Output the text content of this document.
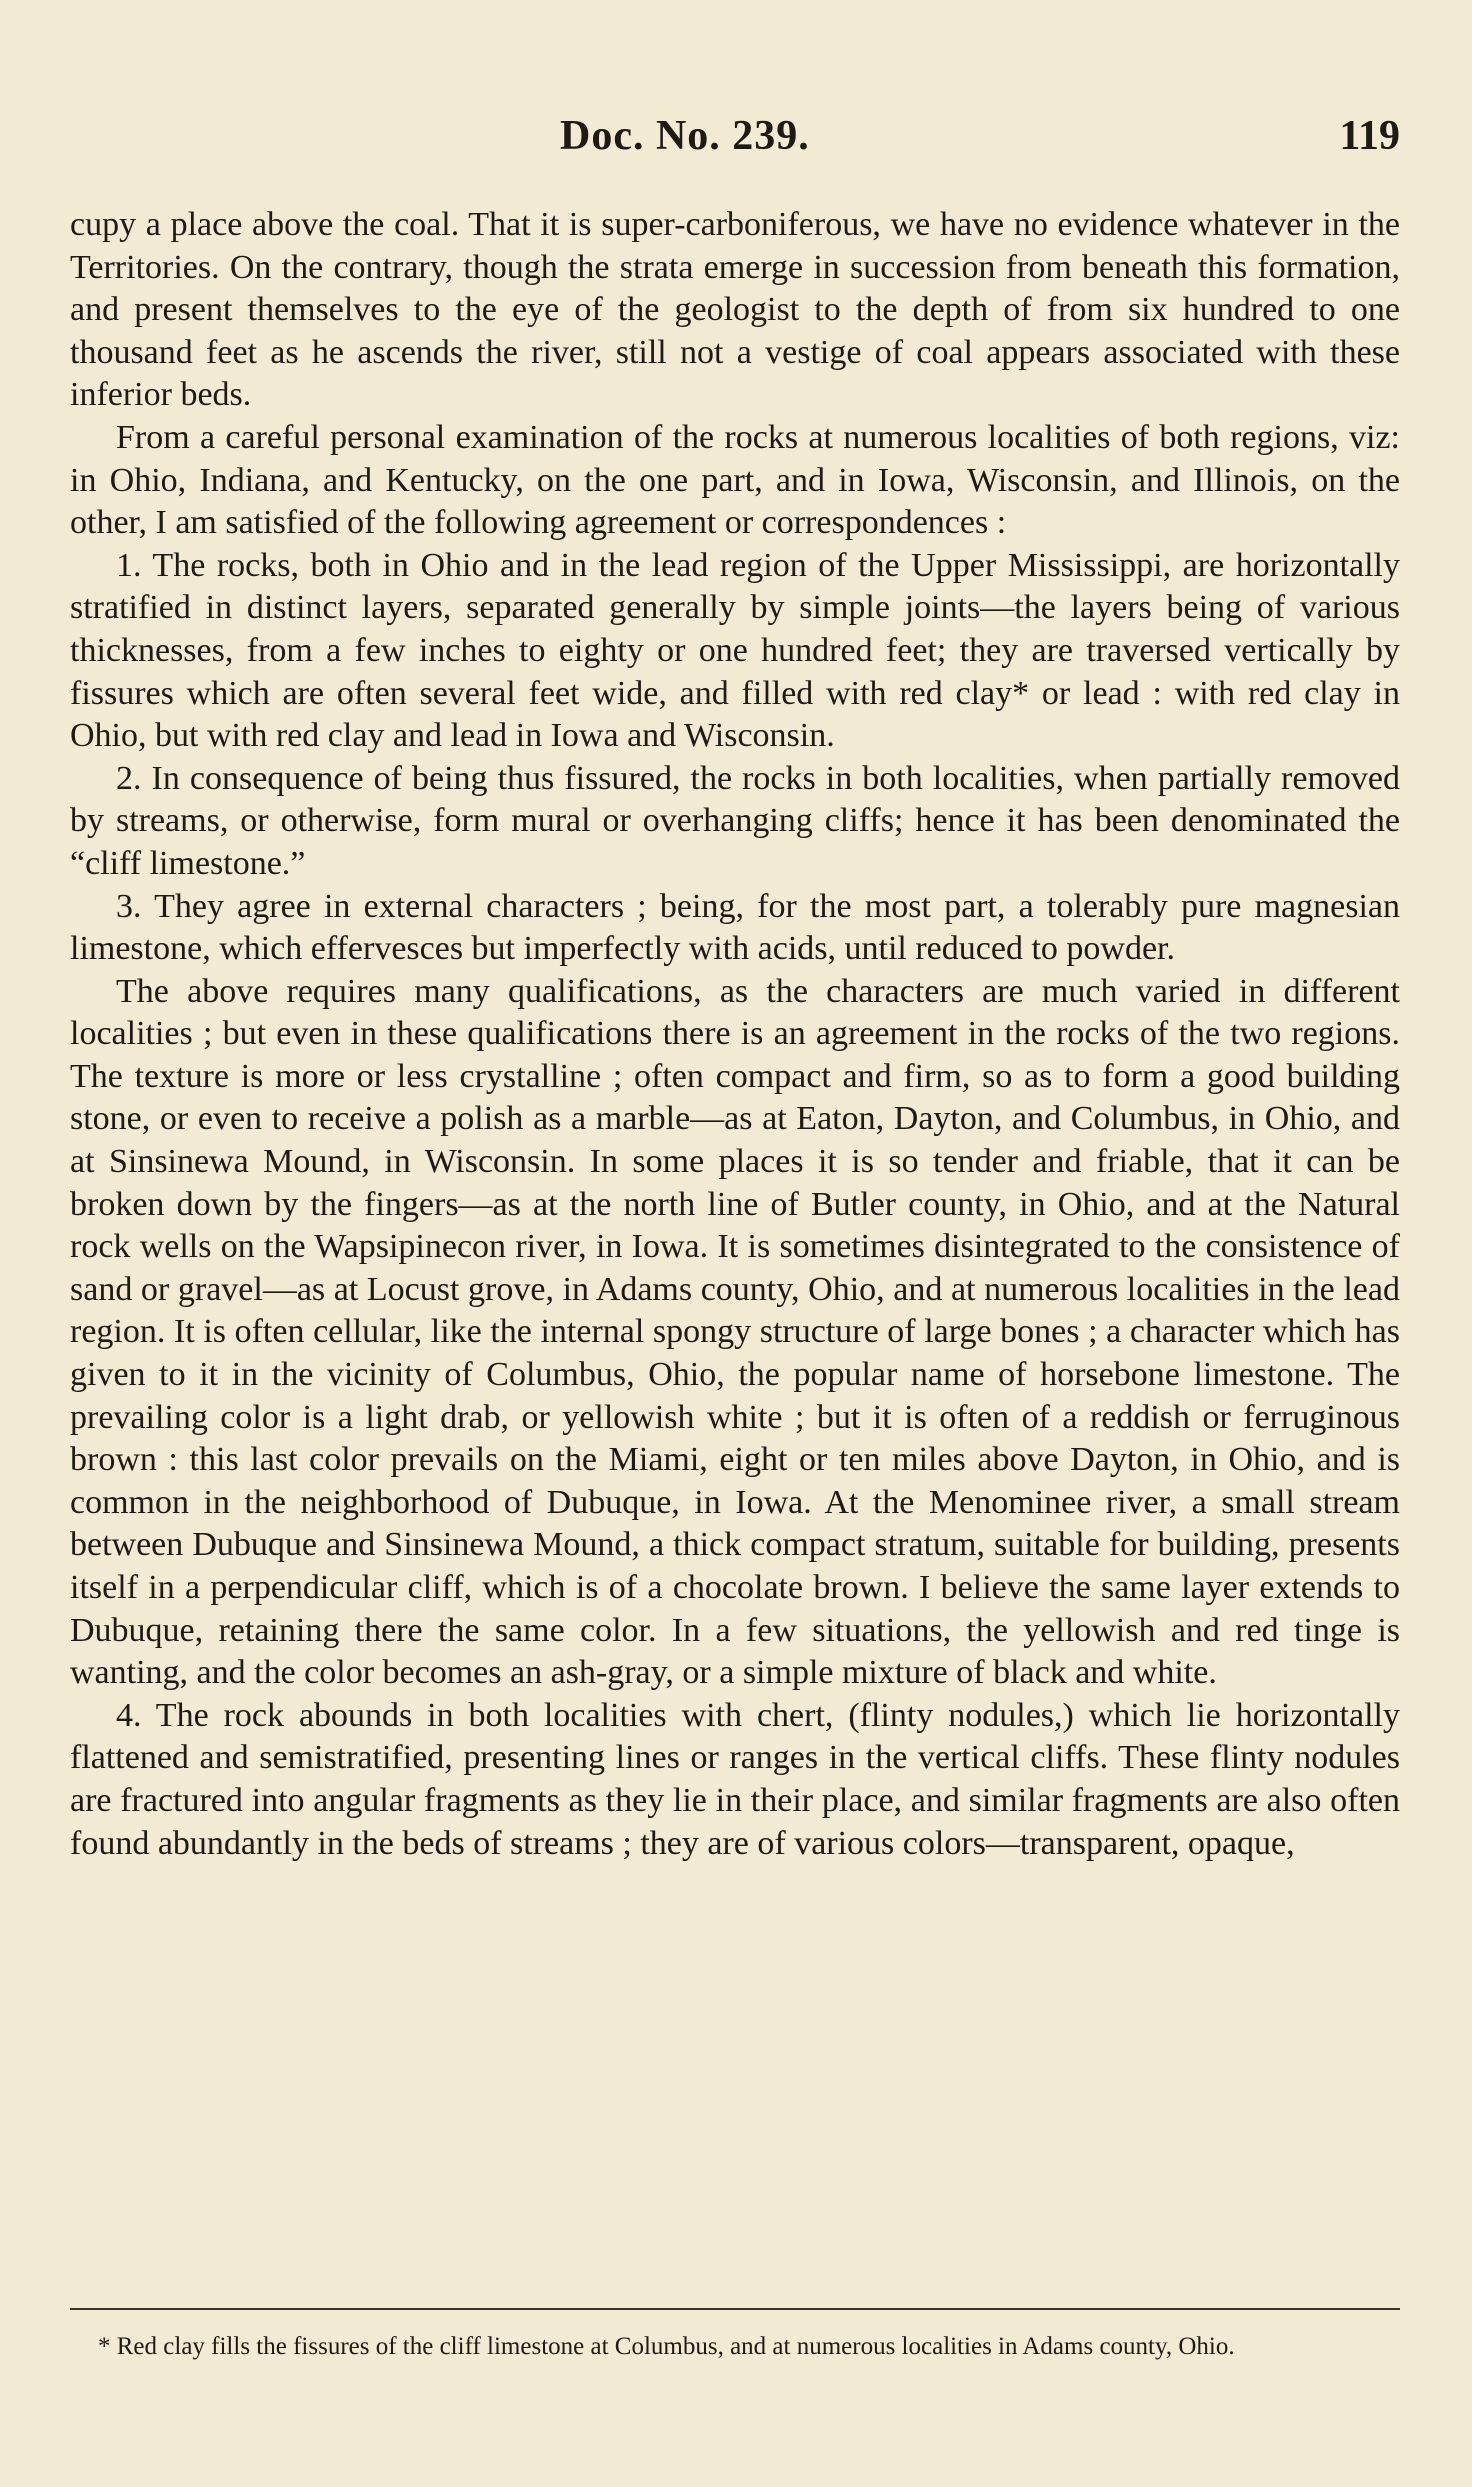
Doc. No. 239.	119

cupy a place above the coal. That it is super-carboniferous, we have no evidence whatever in the Territories. On the contrary, though the strata emerge in succession from beneath this formation, and present themselves to the eye of the geologist to the depth of from six hundred to one thousand feet as he ascends the river, still not a vestige of coal appears associated with these inferior beds.

From a careful personal examination of the rocks at numerous localities of both regions, viz: in Ohio, Indiana, and Kentucky, on the one part, and in Iowa, Wisconsin, and Illinois, on the other, I am satisfied of the following agreement or correspondences :

1. The rocks, both in Ohio and in the lead region of the Upper Mississippi, are horizontally stratified in distinct layers, separated generally by simple joints—the layers being of various thicknesses, from a few inches to eighty or one hundred feet; they are traversed vertically by fissures which are often several feet wide, and filled with red clay* or lead : with red clay in Ohio, but with red clay and lead in Iowa and Wisconsin.

2. In consequence of being thus fissured, the rocks in both localities, when partially removed by streams, or otherwise, form mural or overhanging cliffs; hence it has been denominated the “cliff limestone.”

3. They agree in external characters ; being, for the most part, a tolerably pure magnesian limestone, which effervesces but imperfectly with acids, until reduced to powder.

The above requires many qualifications, as the characters are much varied in different localities ; but even in these qualifications there is an agreement in the rocks of the two regions. The texture is more or less crystalline ; often compact and firm, so as to form a good building stone, or even to receive a polish as a marble—as at Eaton, Dayton, and Columbus, in Ohio, and at Sinsinewa Mound, in Wisconsin. In some places it is so tender and friable, that it can be broken down by the fingers—as at the north line of Butler county, in Ohio, and at the Natural rock wells on the Wapsipinecon river, in Iowa. It is sometimes disintegrated to the consistence of sand or gravel—as at Locust grove, in Adams county, Ohio, and at numerous localities in the lead region. It is often cellular, like the internal spongy structure of large bones ; a character which has given to it in the vicinity of Columbus, Ohio, the popular name of horsebone limestone. The prevailing color is a light drab, or yellowish white ; but it is often of a reddish or ferruginous brown : this last color prevails on the Miami, eight or ten miles above Dayton, in Ohio, and is common in the neighborhood of Dubuque, in Iowa. At the Menominee river, a small stream between Dubuque and Sinsinewa Mound, a thick compact stratum, suitable for building, presents itself in a perpendicular cliff, which is of a chocolate brown. I believe the same layer extends to Dubuque, retaining there the same color. In a few situations, the yellowish and red tinge is wanting, and the color becomes an ash-gray, or a simple mixture of black and white.

4. The rock abounds in both localities with chert, (flinty nodules,) which lie horizontally flattened and semistratified, presenting lines or ranges in the vertical cliffs. These flinty nodules are fractured into angular fragments as they lie in their place, and similar fragments are also often found abundantly in the beds of streams ; they are of various colors—transparent, opaque,

* Red clay fills the fissures of the cliff limestone at Columbus, and at numerous localities in Adams county, Ohio.
